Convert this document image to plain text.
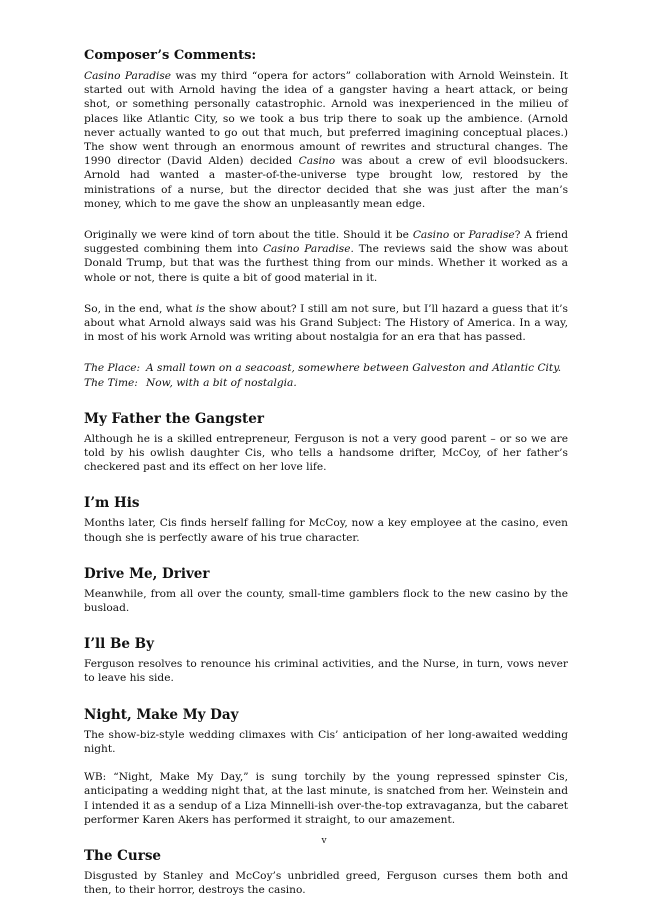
Composer’s Comments:

Casino Paradise was my third “opera for actors” collaboration with Arnold Weinstein. It started out with Arnold having the idea of a gangster having a heart attack, or being shot, or something personally catastrophic. Arnold was inexperienced in the milieu of places like Atlantic City, so we took a bus trip there to soak up the ambience. (Arnold never actually wanted to go out that much, but preferred imagining conceptual places.) The show went through an enormous amount of rewrites and structural changes. The 1990 director (David Alden) decided Casino was about a crew of evil bloodsuckers. Arnold had wanted a master-of-the-universe type brought low, restored by the ministrations of a nurse, but the director decided that she was just after the man’s money, which to me gave the show an unpleasantly mean edge.

Originally we were kind of torn about the title. Should it be Casino or Paradise? A friend suggested combining them into Casino Paradise. The reviews said the show was about Donald Trump, but that was the furthest thing from our minds. Whether it worked as a whole or not, there is quite a bit of good material in it.

So, in the end, what is the show about? I still am not sure, but I’ll hazard a guess that it’s about what Arnold always said was his Grand Subject: The History of America. In a way, in most of his work Arnold was writing about nostalgia for an era that has passed.

The Place: A small town on a seacoast, somewhere between Galveston and Atlantic City.
The Time: Now, with a bit of nostalgia.
My Father the Gangster

Although he is a skilled entrepreneur, Ferguson is not a very good parent – or so we are told by his owlish daughter Cis, who tells a handsome drifter, McCoy, of her father’s checkered past and its effect on her love life.

I’m His

Months later, Cis finds herself falling for McCoy, now a key employee at the casino, even though she is perfectly aware of his true character.

Drive Me, Driver

Meanwhile, from all over the county, small-time gamblers flock to the new casino by the busload.

I’ll Be By

Ferguson resolves to renounce his criminal activities, and the Nurse, in turn, vows never to leave his side.

Night, Make My Day

The show-biz-style wedding climaxes with Cis’ anticipation of her long-awaited wedding night.

WB: “Night, Make My Day,” is sung torchily by the young repressed spinster Cis, anticipating a wedding night that, at the last minute, is snatched from her. Weinstein and I intended it as a sendup of a Liza Minnelli-ish over-the-top extravaganza, but the cabaret performer Karen Akers has performed it straight, to our amazement.

The Curse

Disgusted by Stanley and McCoy’s unbridled greed, Ferguson curses them both and then, to their horror, destroys the casino.

v
